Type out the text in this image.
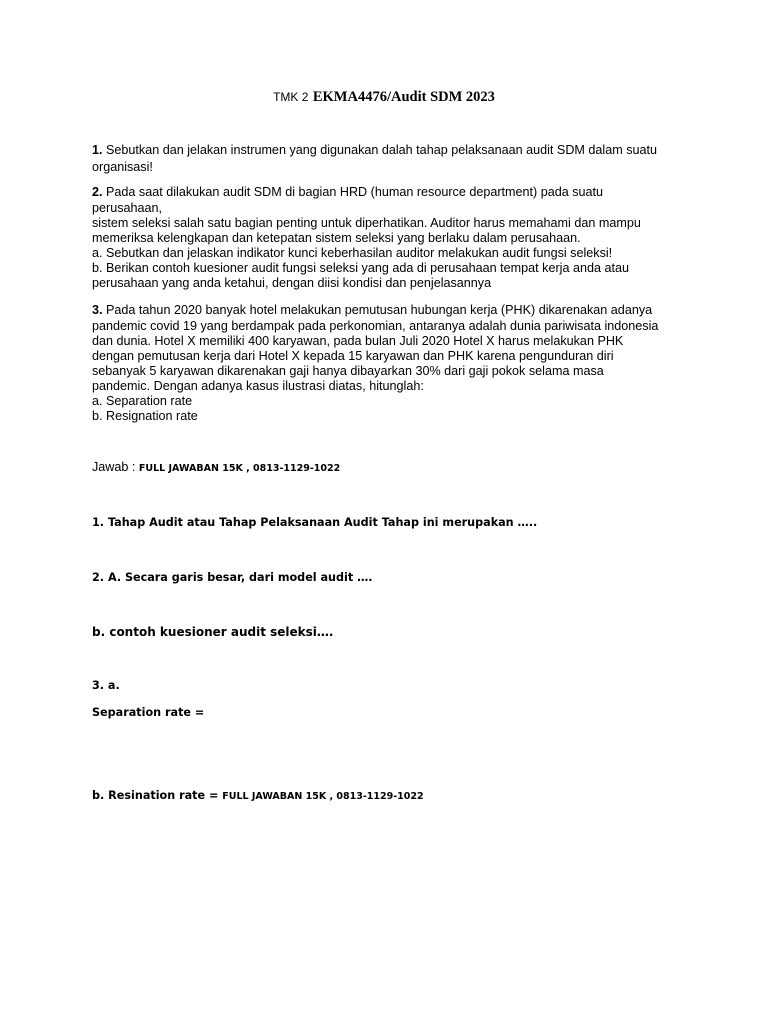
TMK 2 EKMA4476/Audit SDM 2023
1. Sebutkan dan jelakan instrumen yang digunakan dalah tahap pelaksanaan audit SDM dalam suatu
organisasi!
2. Pada saat dilakukan audit SDM di bagian HRD (human resource department) pada suatu
perusahaan,
sistem seleksi salah satu bagian penting untuk diperhatikan. Auditor harus memahami dan mampu
memeriksa kelengkapan dan ketepatan sistem seleksi yang berlaku dalam perusahaan.
a. Sebutkan dan jelaskan indikator kunci keberhasilan auditor melakukan audit fungsi seleksi!
b. Berikan contoh kuesioner audit fungsi seleksi yang ada di perusahaan tempat kerja anda atau
perusahaan yang anda ketahui, dengan diisi kondisi dan penjelasannya
3. Pada tahun 2020 banyak hotel melakukan pemutusan hubungan kerja (PHK) dikarenakan adanya
pandemic covid 19 yang berdampak pada perkonomian, antaranya adalah dunia pariwisata indonesia
dan dunia. Hotel X memiliki 400 karyawan, pada bulan Juli 2020 Hotel X harus melakukan PHK
dengan pemutusan kerja dari Hotel X kepada 15 karyawan dan PHK karena pengunduran diri
sebanyak 5 karyawan dikarenakan gaji hanya dibayarkan 30% dari gaji pokok selama masa
pandemic. Dengan adanya kasus ilustrasi diatas, hitunglah:
a. Separation rate
b. Resignation rate
Jawab : FULL JAWABAN 15K , 0813-1129-1022
1. Tahap Audit atau Tahap Pelaksanaan Audit Tahap ini merupakan …..
2. A. Secara garis besar, dari model audit ….
b. contoh kuesioner audit seleksi….
3. a.
Separation rate =
b. Resination rate = FULL JAWABAN 15K , 0813-1129-1022
